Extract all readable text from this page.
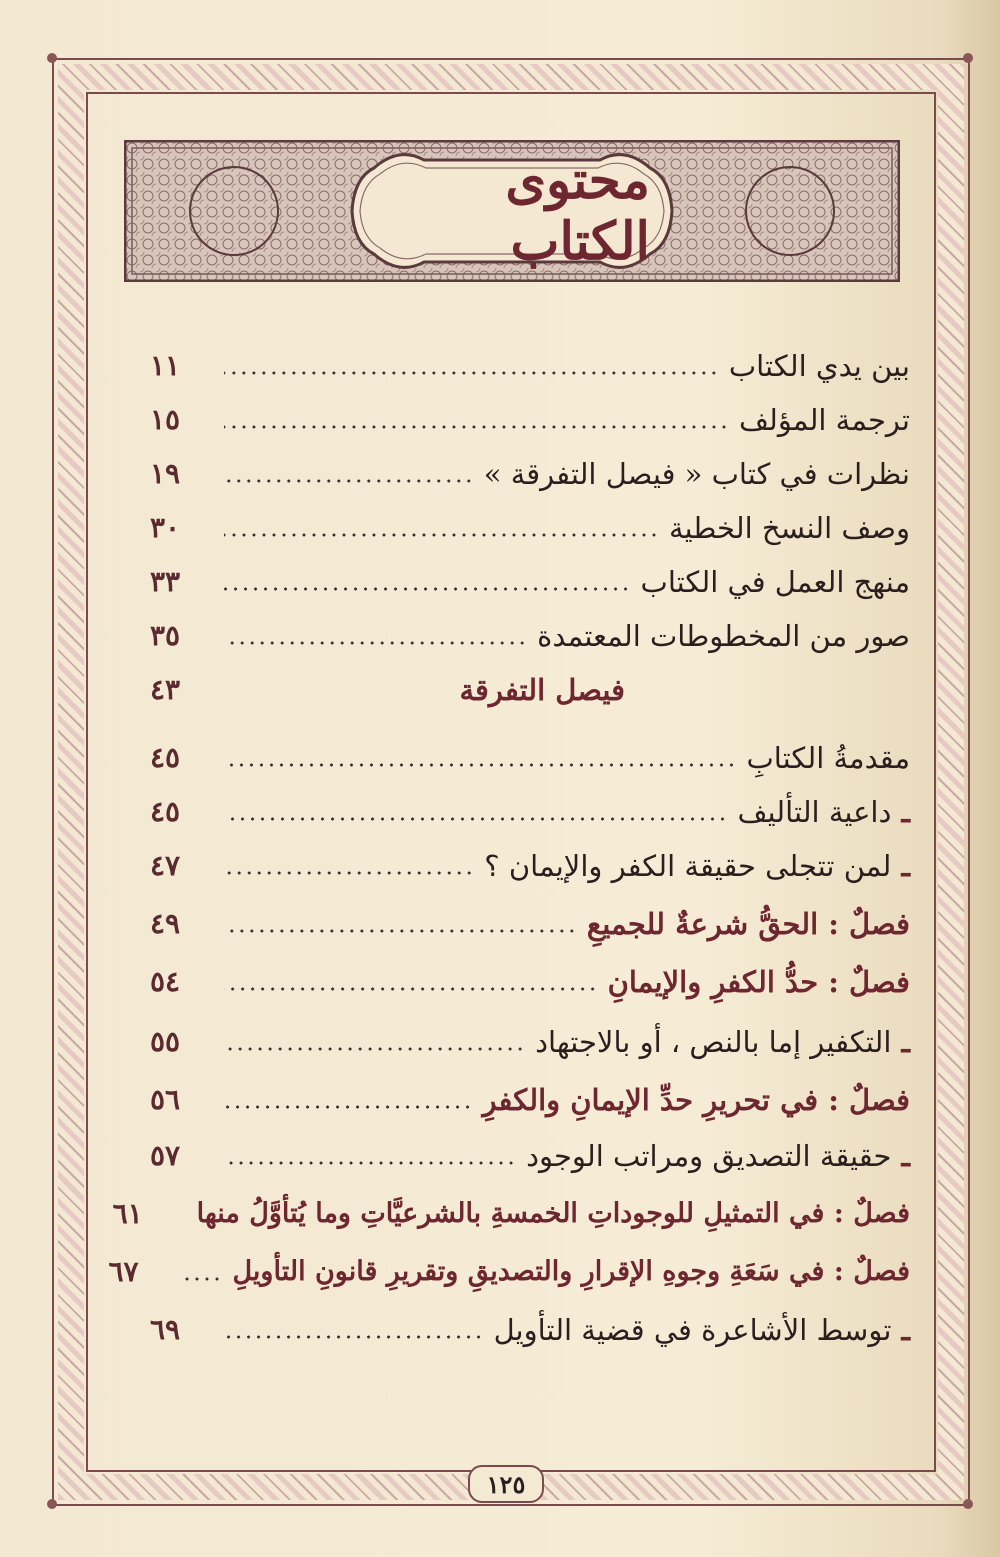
محتوى الكتاب
بين يدي الكتاب
١١
ترجمة المؤلف
١٥
نظرات في كتاب « فيصل التفرقة »
١٩
وصف النسخ الخطية
٣٠
منهج العمل في الكتاب
٣٣
صور من المخطوطات المعتمدة
٣٥
فيصل التفرقة
٤٣
مقدمةُ الكتابِ
٤٥
ـ داعية التأليف
٤٥
ـ لمن تتجلى حقيقة الكفر والإيمان ؟
٤٧
فصلٌ : الحقُّ شرعةٌ للجميعِ
٤٩
فصلٌ : حدُّ الكفرِ والإيمانِ
٥٤
ـ التكفير إما بالنص ، أو بالاجتهاد
٥٥
فصلٌ : في تحريرِ حدِّ الإيمانِ والكفرِ
٥٦
ـ حقيقة التصديق ومراتب الوجود
٥٧
فصلٌ : في التمثيلِ للوجوداتِ الخمسةِ بالشرعيَّاتِ وما يُتأوَّلُ منها
٦١
فصلٌ : في سَعَةِ وجوهِ الإقرارِ والتصديقِ وتقريرِ قانونِ التأويلِ
٦٧
ـ توسط الأشاعرة في قضية التأويل
٦٩
١٢٥
